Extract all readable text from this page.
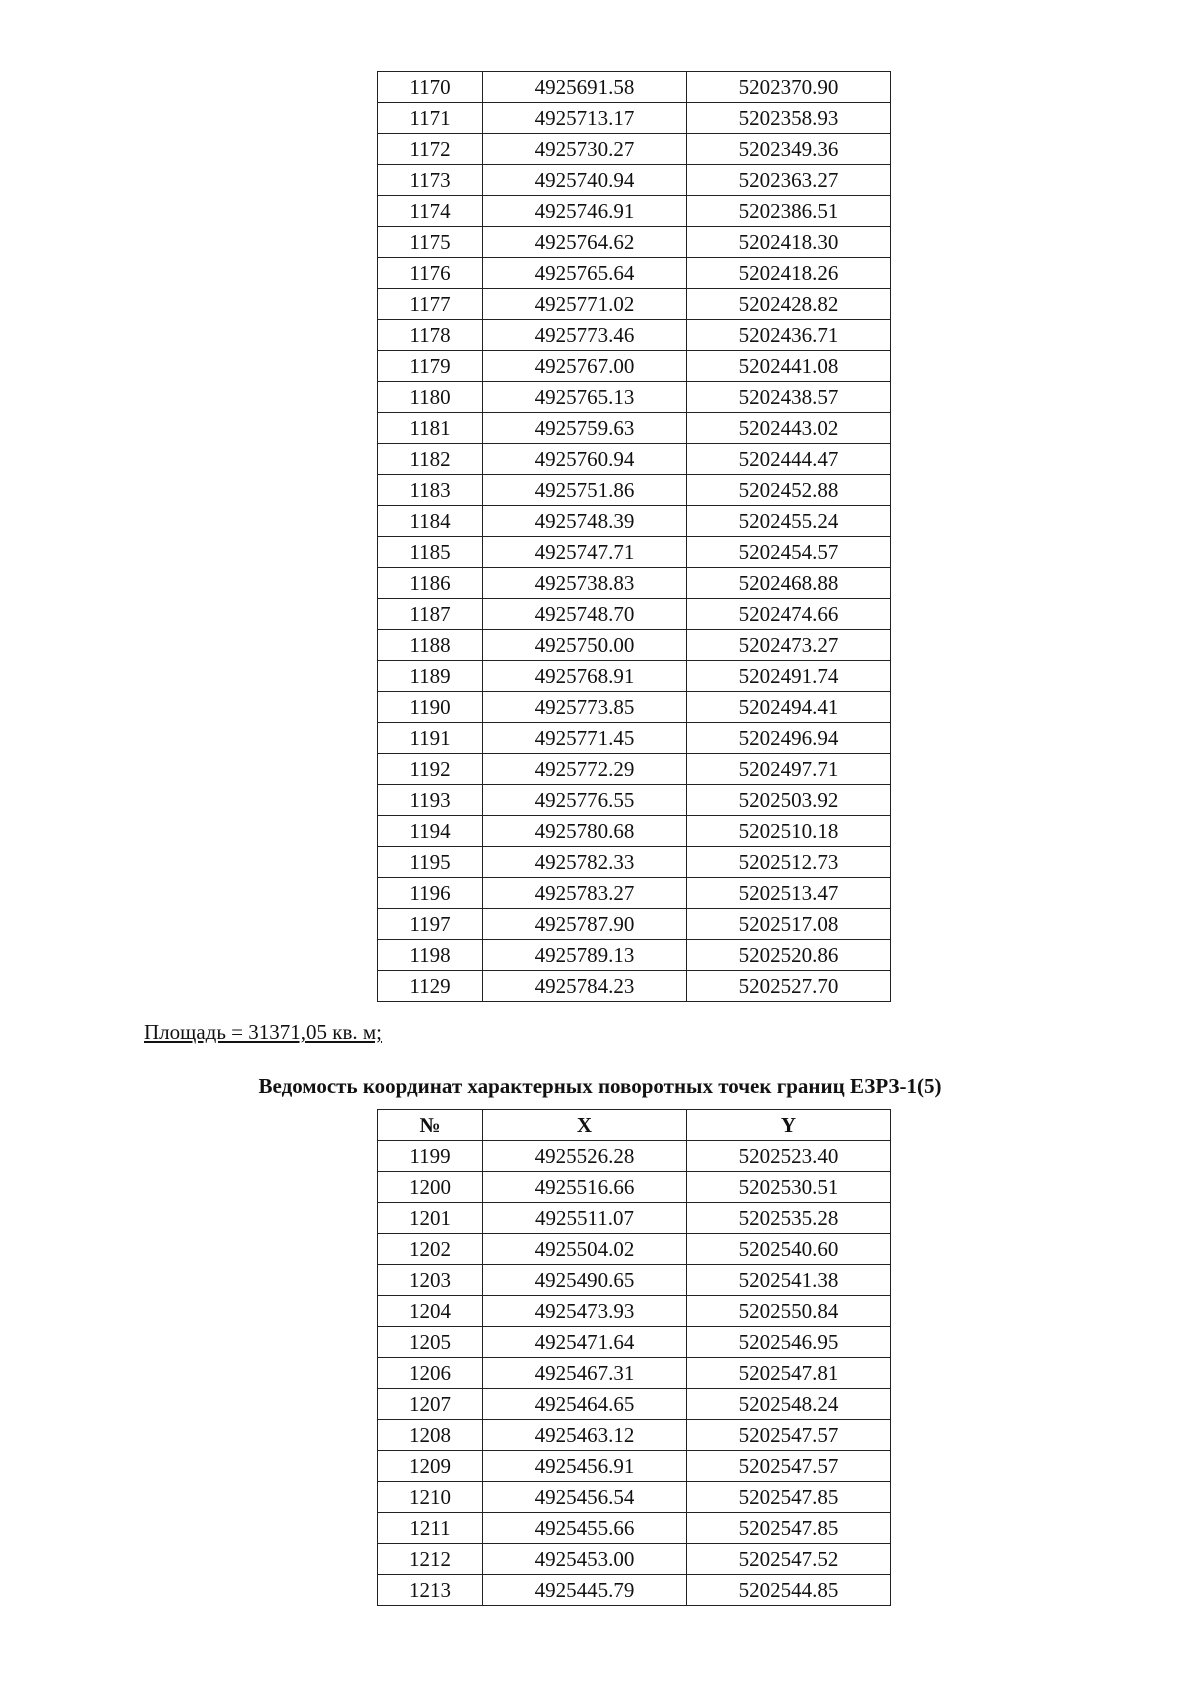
1170	4925691.58	5202370.90
1171	4925713.17	5202358.93
1172	4925730.27	5202349.36
1173	4925740.94	5202363.27
1174	4925746.91	5202386.51
1175	4925764.62	5202418.30
1176	4925765.64	5202418.26
1177	4925771.02	5202428.82
1178	4925773.46	5202436.71
1179	4925767.00	5202441.08
1180	4925765.13	5202438.57
1181	4925759.63	5202443.02
1182	4925760.94	5202444.47
1183	4925751.86	5202452.88
1184	4925748.39	5202455.24
1185	4925747.71	5202454.57
1186	4925738.83	5202468.88
1187	4925748.70	5202474.66
1188	4925750.00	5202473.27
1189	4925768.91	5202491.74
1190	4925773.85	5202494.41
1191	4925771.45	5202496.94
1192	4925772.29	5202497.71
1193	4925776.55	5202503.92
1194	4925780.68	5202510.18
1195	4925782.33	5202512.73
1196	4925783.27	5202513.47
1197	4925787.90	5202517.08
1198	4925789.13	5202520.86
1129	4925784.23	5202527.70
Площадь = 31371,05 кв. м;
Ведомость координат характерных поворотных точек границ ЕЗРЗ-1(5)
№	X	Y
1199	4925526.28	5202523.40
1200	4925516.66	5202530.51
1201	4925511.07	5202535.28
1202	4925504.02	5202540.60
1203	4925490.65	5202541.38
1204	4925473.93	5202550.84
1205	4925471.64	5202546.95
1206	4925467.31	5202547.81
1207	4925464.65	5202548.24
1208	4925463.12	5202547.57
1209	4925456.91	5202547.57
1210	4925456.54	5202547.85
1211	4925455.66	5202547.85
1212	4925453.00	5202547.52
1213	4925445.79	5202544.85
